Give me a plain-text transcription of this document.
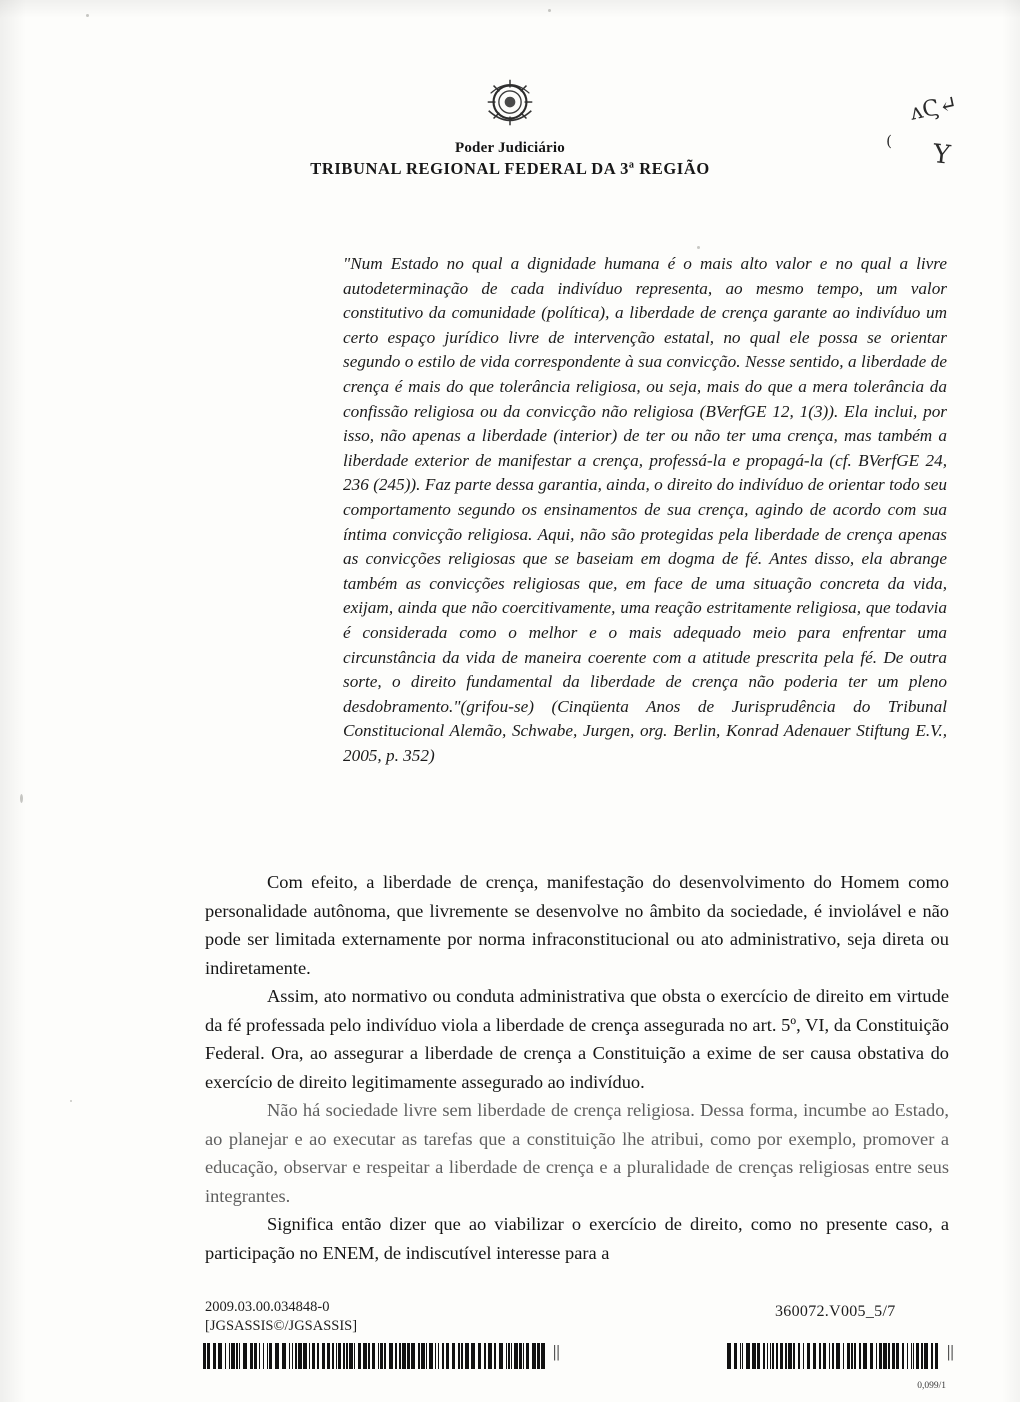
Poder Judiciário
TRIBUNAL REGIONAL FEDERAL DA 3ª REGIÃO
ʌϚ↵
Y
(

"Num Estado no qual a dignidade humana é o mais alto valor e no qual a livre autodeterminação de cada indivíduo representa, ao mesmo tempo, um valor constitutivo da comunidade (política), a liberdade de crença garante ao indivíduo um certo espaço jurídico livre de intervenção estatal, no qual ele possa se orientar segundo o estilo de vida correspondente à sua convicção. Nesse sentido, a liberdade de crença é mais do que tolerância religiosa, ou seja, mais do que a mera tolerância da confissão religiosa ou da convicção não religiosa (BVerfGE 12, 1(3)). Ela inclui, por isso, não apenas a liberdade (interior) de ter ou não ter uma crença, mas também a liberdade exterior de manifestar a crença, professá-la e propagá-la (cf. BVerfGE 24, 236 (245)). Faz parte dessa garantia, ainda, o direito do indivíduo de orientar todo seu comportamento segundo os ensinamentos de sua crença, agindo de acordo com sua íntima convicção religiosa. Aqui, não são protegidas pela liberdade de crença apenas as convicções religiosas que se baseiam em dogma de fé. Antes disso, ela abrange também as convicções religiosas que, em face de uma situação concreta da vida, exijam, ainda que não coercitivamente, uma reação estritamente religiosa, que todavia é considerada como o melhor e o mais adequado meio para enfrentar uma circunstância da vida de maneira coerente com a atitude prescrita pela fé. De outra sorte, o direito fundamental da liberdade de crença não poderia ter um pleno desdobramento."(grifou-se) (Cinqüenta Anos de Jurisprudência do Tribunal Constitucional Alemão, Schwabe, Jurgen, org. Berlin, Konrad Adenauer Stiftung E.V., 2005, p. 352)

Com efeito, a liberdade de crença, manifestação do desenvolvimento do Homem como personalidade autônoma, que livremente se desenvolve no âmbito da sociedade, é inviolável e não pode ser limitada externamente por norma infraconstitucional ou ato administrativo, seja direta ou indiretamente.

Assim, ato normativo ou conduta administrativa que obsta o exercício de direito em virtude da fé professada pelo indivíduo viola a liberdade de crença assegurada no art. 5º, VI, da Constituição Federal. Ora, ao assegurar a liberdade de crença a Constituição a exime de ser causa obstativa do exercício de direito legitimamente assegurado ao indivíduo.

Não há sociedade livre sem liberdade de crença religiosa. Dessa forma, incumbe ao Estado, ao planejar e ao executar as tarefas que a constituição lhe atribui, como por exemplo, promover a educação, observar e respeitar a liberdade de crença e a pluralidade de crenças religiosas entre seus integrantes.

Significa então dizer que ao viabilizar o exercício de direito, como no presente caso, a participação no ENEM, de indiscutível interesse para a

2009.03.00.034848-0
[JGSASSIS©/JGSASSIS]
360072.V005_5/7
||	||
0,099/1
